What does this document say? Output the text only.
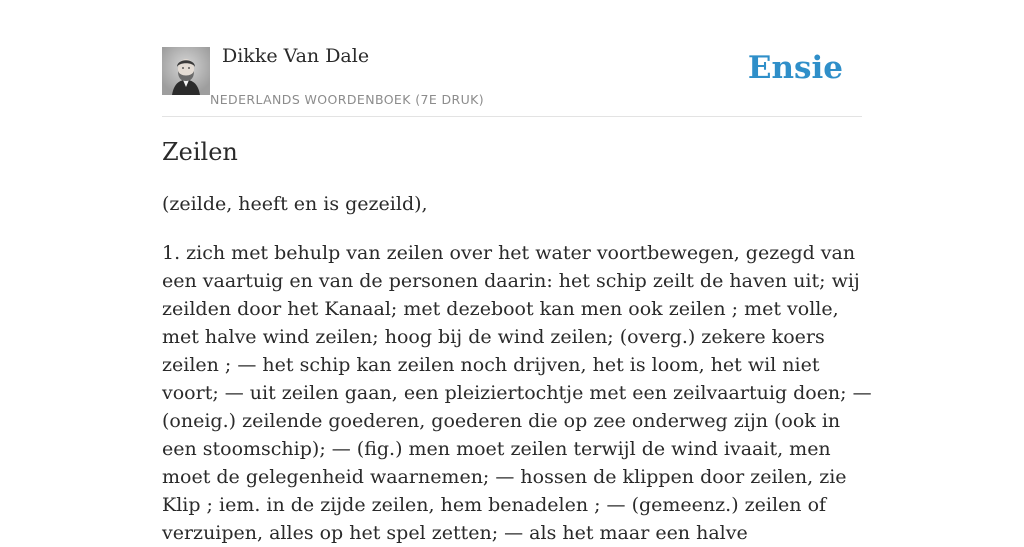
Dikke Van Dale
NEDERLANDS WOORDENBOEK (7E DRUK)
Ensie
Zeilen

(zeilde, heeft en is gezeild),

1. zich met behulp van zeilen over het water voortbewegen, gezegd van een vaartuig en van de personen daarin: het schip zeilt de haven uit; wij zeilden door het Kanaal; met dezeboot kan men ook zeilen ; met volle, met halve wind zeilen; hoog bij de wind zeilen; (overg.) zekere koers zeilen ; — het schip kan zeilen noch drijven, het is loom, het wil niet voort; — uit zeilen gaan, een pleiziertochtje met een zeilvaartuig doen; — (oneig.) zeilende goederen, goederen die op zee onderweg zijn (ook in een stoomschip); — (fig.) men moet zeilen terwijl de wind ivaait, men moet de gelegenheid waarnemen; — hossen de klippen door zeilen, zie Klip ; iem. in de zijde zeilen, hem benadelen ; — (gemeenz.) zeilen of verzuipen, alles op het spel zetten; — als het maar een halve
